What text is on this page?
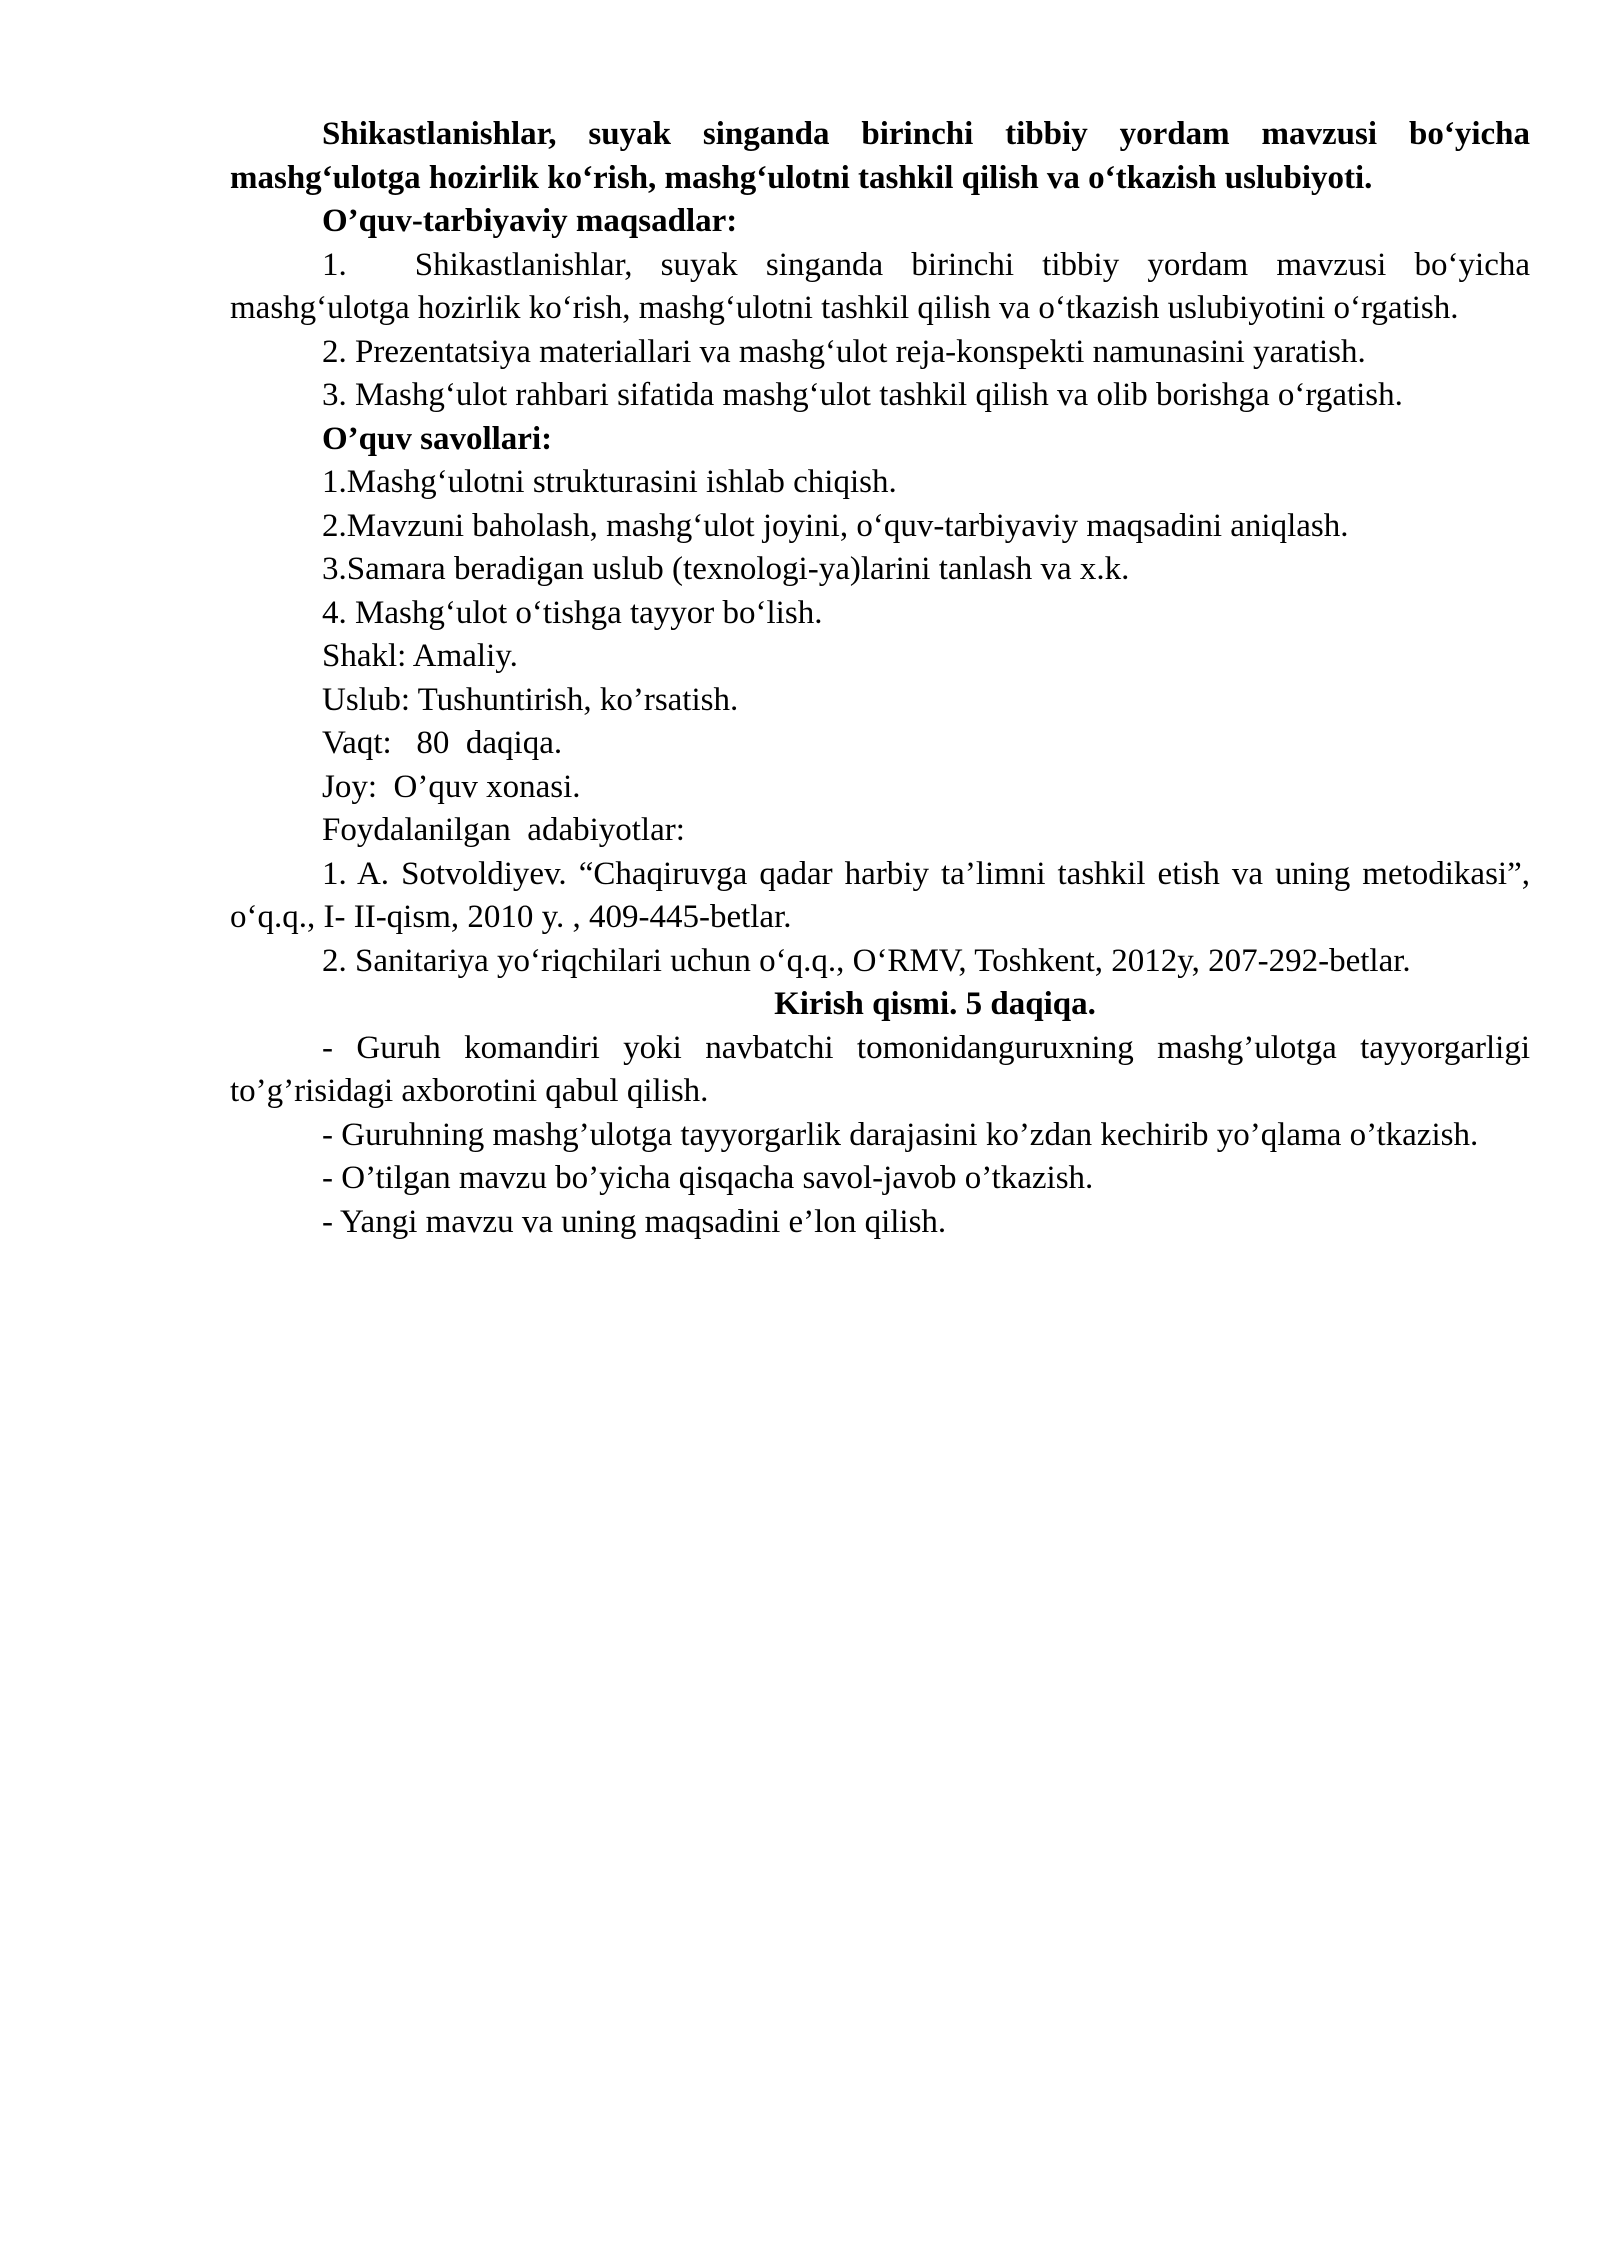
Shikastlanishlar, suyak singanda birinchi tibbiy yordam mavzusi bo‘yicha mashg‘ulotga hozirlik ko‘rish, mashg‘ulotni tashkil qilish va o‘tkazish uslubiyoti.

O’quv-tarbiyaviy maqsadlar:

1. Shikastlanishlar, suyak singanda birinchi tibbiy yordam mavzusi bo‘yicha mashg‘ulotga hozirlik ko‘rish, mashg‘ulotni tashkil qilish va o‘tkazish uslubiyotini o‘rgatish.

2. Prezentatsiya materiallari va mashg‘ulot reja-konspekti namunasini yaratish.

3. Mashg‘ulot rahbari sifatida mashg‘ulot tashkil qilish va olib borishga o‘rgatish.

O’quv savollari:

1.Mashg‘ulotni strukturasini ishlab chiqish.

2.Mavzuni baholash, mashg‘ulot joyini, o‘quv-tarbiyaviy maqsadini aniqlash.

3.Samara beradigan uslub (texnologi-ya)larini tanlash va x.k.

4. Mashg‘ulot o‘tishga tayyor bo‘lish.

Shakl: Amaliy.

Uslub: Tushuntirish, ko’rsatish.

Vaqt:   80  daqiqa.

Joy:  O’quv xonasi.

Foydalanilgan  adabiyotlar:

1. A. Sotvoldiyev. “Chaqiruvga qadar harbiy ta’limni tashkil etish va uning metodikasi”, o‘q.q., I- II-qism, 2010 y. , 409-445-betlar.

2. Sanitariya yo‘riqchilari uchun o‘q.q., O‘RMV, Toshkent, 2012y, 207-292-betlar.

Kirish qismi. 5 daqiqa.

- Guruh komandiri yoki navbatchi tomonidanguruxning mashg’ulotga tayyorgarligi to’g’risidagi axborotini qabul qilish.

- Guruhning mashg’ulotga tayyorgarlik darajasini ko’zdan kechirib yo’qlama o’tkazish.

- O’tilgan mavzu bo’yicha qisqacha savol-javob o’tkazish.

- Yangi mavzu va uning maqsadini e’lon qilish.
